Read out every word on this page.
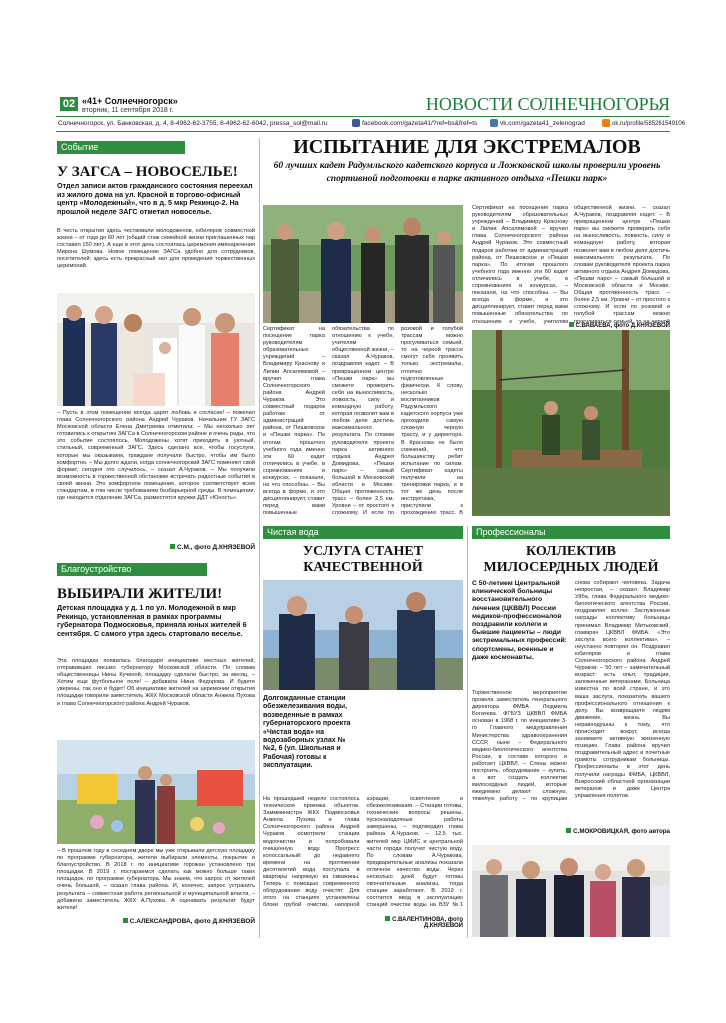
02 «41+ Солнечногорск»
вторник, 11 сентября 2018 г.	НОВОСТИ СОЛНЕЧНОГОРЬЯ
Солнечногорск, ул. Банковская, д. 4, 8-4962-62-3755, 8-4962-62-6042, pressa_sol@mail.ru	facebook.com/gazeta41/?ref=bs&fref=ts	vk.com/gazeta41_zelenograd	ok.ru/profile/585261549106
Событие
У ЗАГСА – НОВОСЕЛЬЕ!
Отдел записи актов гражданского состояния переехал из жилого дома на ул. Красной в торгово-офисный центр «Молодежный», что в д. 5 мкр Рекинцо-2. На прошлой неделе ЗАГС отметил новоселье.
В честь открытия здесь чествовали молодоженов, юбиляров совместной жизни – от года до 60 лет (общий стаж семейной жизни приглашенных пар составил 150 лет). А еще в этот день состоялась церемония имянаречения Мирона Шумова. Новое помещение ЗАГСа удобно для сотрудников, посетителей; здесь есть прекрасный зал для проведения торжественных церемоний.
– Пусть в этом помещении всегда царят любовь и согласие! – пожелал глава Солнечногорского района Андрей Чураков. Начальник ГУ ЗАГС Московской области Елена Дмитриева отметила: – Мы несколько лет готовились к открытию ЗАГСа в Солнечногорском районе и очень рады, что это событие состоялось. Молодожены хотят приходить в уютный, стильный, современный ЗАГС. Здесь сделано все, чтобы госуслуги, которые мы оказываем, граждане получали быстро, чтобы им было комфортно. – Мы долго ждали, когда солнечногорский ЗАГС поменяет свой формат, сегодня это случилось, – сказал А.Чураков. – Мы получили возможность в торжественной обстановке встречать радостные события в своей жизни. Это комфортное помещение, которое соответствует всем стандартам, в том числе требованиям безбарьерной среды. В помещении, где находится отделение ЗАГСа, разместятся кружки ДДТ «Юность».
С.М., фото Д.КНЯЗЕВОЙ
ИСПЫТАНИЕ ДЛЯ ЭКСТРЕМАЛОВ
60 лучших кадет Радумльского кадетского корпуса и Ложковской школы проверили уровень спортивной подготовки в парке активного отдыха «Пешки парк»
Сертификат на посещение парка руководителям образовательных учреждений – Владимиру Краснову и Лилии Апсалямовой – вручил глава Солнечногорского района Андрей Чураков. Это совместный подарок работам от администраций района, от Пешковское и «Пешки парка». По итогам прошлого учебного года именно эти 60 кадет отличились в учебе, в соревнованиях и конкурсах, – показали, на что способны. – Вы всегда в форме, и это дисциплинирует, ставит перед вами повышенные обязательства по отношению к учебе, учителям общественной жизни, – сказал А.Чураков, поздравляя кадет. – В превращенном центре «Пешки парк» вы сможете проверить себя на выносливость, ловкость, силу и командную работу, которая позволит вам в любом деле достичь максимального результата. По словам руководителя проекта парка активного отдыха Андрея Домидова, «Пешки парк» – самый большой в Московской области и Москве. Общая протяженность трасс – более 2,5 км. Уровни – от простого к сложному. И если по розовой и голубой трассам можно прогуливаться семьей, то на черной трассе смогут себя проявить только экстремалы, отлично подготовленные физически. К слову, несколько воспитанников Радумльского кадетского корпуса уже проходили самую сложную черную трассу, и у директора. В Краснова не было сомнений, что большинству ребят испытание по силам. Сертификат кадеты получили на тренировки парка, и в тот же день после инструктажа, приступили к прохождению трасс. В
Сертификат на посещение парка руководителям образовательных учреждений – Владимиру Краснову и Лилии Апсалямовой – вручил глава Солнечногорского района Андрей Чураков. Это совместный подарок работам от администраций района, от Пешковское и «Пешки парка». По итогам прошлого учебного года именно эти 60 кадет отличились в учебе, в соревнованиях и конкурсах, – показали, на что способны. – Вы всегда в форме, и это дисциплинирует, ставит перед вами повышенные обязательства по отношению к учебе, учителям общественной жизни, – сказал А.Чураков, поздравляя кадет. – В превращенном центре «Пешки парк» вы сможете проверить себя на выносливость, ловкость, силу и командную работу, которая позволит вам в любом деле достичь максимального результата. По словам руководителя проекта парка активного отдыха Андрея Домидова, «Пешки парк» – самый большой в Московской области и Москве. Общая протяженность трасс – более 2,5 км. Уровни – от простого к сложному. И если по розовой и голубой трассам можно прогуливаться семьей, то на черной
С.ВАВАЕВА, фото Д.КНЯЗЕВОЙ
Благоустройство
ВЫБИРАЛИ ЖИТЕЛИ!
Детская площадка у д. 1 по ул. Молодежной в мкр Рекинцо, установленная в рамках программы губернатора Подмосковья, приняла юных жителей 6 сентября. С самого утра здесь стартовало веселье.
Эта площадка появилась благодаря инициативе местных жителей, отправивших письмо губернатору Московской области. По словам общественницы Нины Кучиной, площадку сделали быстро, за месяц. – Хотим еще футбольное поле! – добавила Нина Федорова. И будете уверены, так оно и будет! Об инициативе жителей на церемонии открытия площадки говорили заместитель ЖКХ Московской области Анжела Пухова и глава Солнечногорского района Андрей Чураков.
– В прошлом году в соседнем дворе мы уже открывали детскую площадку по программе губернатора, жители выбирали элементы, покрытие и благоустройство. В 2018 г. по инициативе горожан установлено три площадки. В 2019 г. постараемся сделать как можно больше таких площадок, по программе губернатора. Мы знаем, что запрос от жителей очень большой, – сказал глава района. И, конечно, запрос устранить результата – совместная работа региональной и муниципальной власти, – добавила заместитель ЖКХ А.Пухова. А оценивать результат будут жители!
С.АЛЕКСАНДРОВА, фото Д.КНЯЗЕВОЙ
Чистая вода
УСЛУГА СТАНЕТ КАЧЕСТВЕННОЙ
Долгожданные станции обезжелезивания воды, возведенные в рамках губернаторского проекта «Чистая вода» на водозаборных узлах №№2, 6 (ул. Школьная и Рабочая) готовы к эксплуатации.
На прошедшей неделе состоялось техническое приемка объектов. Заммминистра ЖКХ Подмосковья Анжела Пухова и глава Солнечногорского района Андрей Чураков осмотрели станции водоочистки и попробовали очищенную воду. Прогресс колоссальный: до недавнего времени на протяжении десятилетий вода поступала в квартиры напрямую из скважины. Теперь с помощью современного оборудования воду очистят. Для этого на станциях установлены блоки грубой очистки, напорной аэрации, осветления и обезжелезивания. – Станции готовы, технические вопросы решены, пусконаладочные работы завершены, – подтвердил глава района А.Чураков. – 12,5 тыс. жителей мкр ЦМИС и центральной части города получат чистую воду. По словам А.Чуракова, предварительные анализы показали отличное качество воды. Через несколько дней будут готовы окончательные анализы, тогда станции заработают. В 2019 г. состоится ввод в эксплуатацию станций очистки воды на ВЗУ №1
С.ВАЛЕНТИНОВА, фото Д.КНЯЗЕВОЙ
Профессионалы
КОЛЛЕКТИВ МИЛОСЕРДНЫХ ЛЮДЕЙ
С 50-летием Центральной клинической больницы восстановительного лечения (ЦКВВЛ) России медиков-профессионалов поздравили коллеги и бывшие пациенты – люди экстремальных профессий: спортсмены, военные и даже космонавты.
Торжественное мероприятие провела заместитель генерального директора ФМБА Людмила Богачева. ФГБУЗ ЦКВВЛ ФМБА основан в 1968 г. по инициативе 3-го Главного медуправления Министерства здравоохранения СССР, ныне – Федерального медико-биологического агентства России, в составе которого и работает ЦКВВЛ. – Стены можно построить, оборудование – купить, а вот создать коллектив милосердных людей, которые ежедневно делают сложную, тяжелую работу – по крупицам снова собирают человека. Задача непростая, – сказал Владимир Уйба, глава Федерального медико-биологического агентства России, поздравляя коллег. Заслуженные награды коллективу больницы принимал Владимир Митьковский, главврач ЦКВВЛ ФМБА. «Это заслуга всего коллектива», – неустанно повторял он. Поздравил юбиляров и глава Солнечногорского района Андрей Чураков: – 50 лет – замечательный возраст: есть опыт, традиции, заложенные ветеранами. Больница известна по всей стране, и это ваша заслуга, показатель вашего профессионального отношения к делу. Вы возвращаете людям движение, жизнь. Вы неравнодушны к тому, что происходит вокруг, всегда занимаете активную жизненную позицию. Глава района вручил поздравительный адрес и почетные грамоты сотрудникам больницы. Профессионалы в этот день получили награды ФМБА, ЦКВВЛ, Вокросский областной организации ветеранов и даже Центра управления полетов.
С.МОКРОВИЦКАЯ, фото автора
